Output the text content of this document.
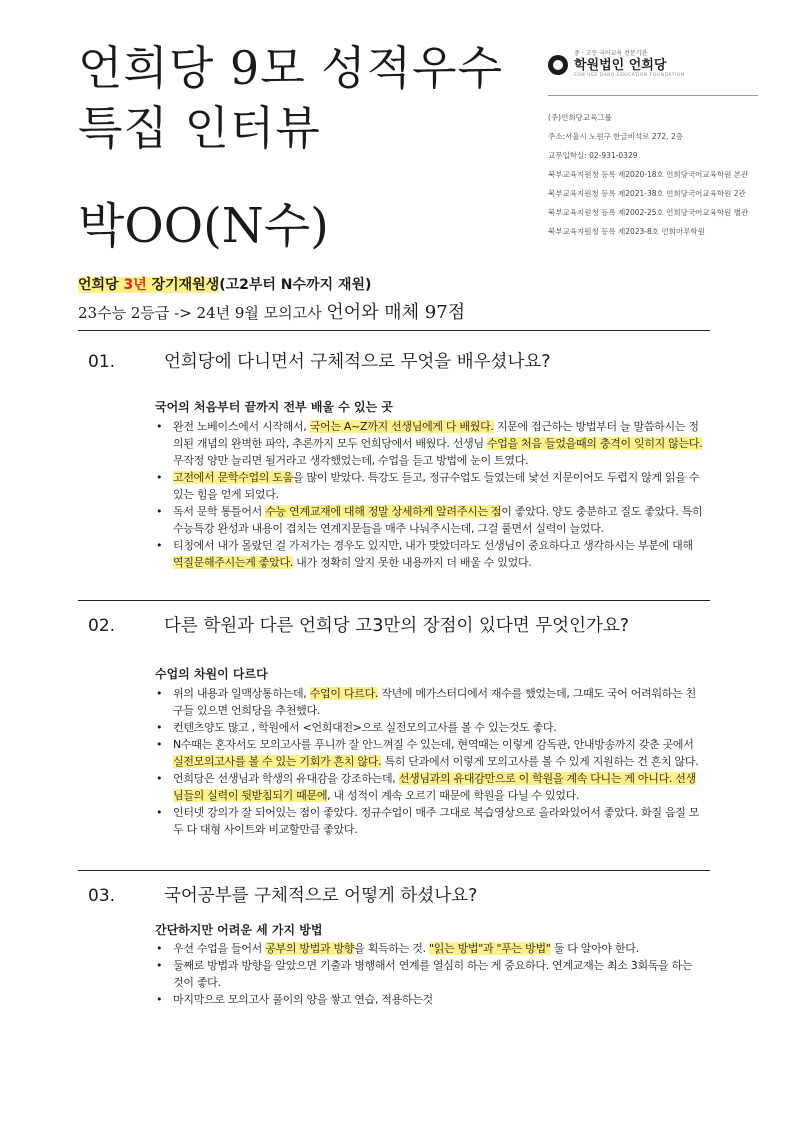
언희당 9모 성적우수
특집 인터뷰
박OO(N수)
중 · 고등 국어교육 전문기관
학원법인 언희당
EON HEE DANG EDUCATION FOUNDATION
(주)언희당교육그룹
주소:서울시 노원구 한글비석로 272, 2층
교무입학실: 02-931-0329
북부교육지원청 등록 제2020-18호 언희당국어교육학원 본관
북부교육지원청 등록 제2021-38호 언희당국어교육학원 2관
북부교육지원청 등록 제2002-25호 언희당국어교육학원 별관
북부교육지원청 등록 제2023-8호 언희마루학원
언희당 3년 장기재원생(고2부터 N수까지 재원)
23수능 2등급 -> 24년 9월 모의고사 언어와 매체 97점
01.	언희당에 다니면서 구체적으로 무엇을 배우셨나요?
국어의 처음부터 끝까지 전부 배울 수 있는 곳
• 완전 노베이스에서 시작해서, 국어는 A~Z까지 선생님에게 다 배웠다. 지문에 접근하는 방법부터 늘 말씀하시는 정의된 개념의 완벽한 파악, 추론까지 모두 언희당에서 배웠다. 선생님 수업을 처음 들었을때의 충격이 잊히지 않는다. 무작정 양만 늘리면 될거라고 생각했었는데, 수업을 듣고 방법에 눈이 트였다.
• 고전에서 문학수업의 도움을 많이 받았다. 특강도 듣고, 정규수업도 들었는데 낯선 지문이어도 두렵지 않게 읽을 수 있는 힘을 얻게 되었다.
• 독서 문학 통틀어서 수능 연계교재에 대해 정말 상세하게 알려주시는 점이 좋았다. 양도 충분하고 질도 좋았다. 특히 수능특강 완성과 내용이 겹치는 연계지문들을 매주 나눠주시는데, 그걸 풀면서 실력이 늘었다.
• 티칭에서 내가 몰랐던 걸 가져가는 경우도 있지만, 내가 맞았더라도 선생님이 중요하다고 생각하시는 부분에 대해 역질문해주시는게 좋았다. 내가 정확히 알지 못한 내용까지 더 배울 수 있었다.
02.	다른 학원과 다른 언희당 고3만의 장점이 있다면 무엇인가요?
수업의 차원이 다르다
• 위의 내용과 일맥상통하는데, 수업이 다르다. 작년에 메가스터디에서 재수를 했었는데, 그때도 국어 어려워하는 친구들 있으면 언희당을 추천했다.
• 컨텐츠양도 많고 , 학원에서 <언희대전>으로 실전모의고사를 볼 수 있는것도 좋다.
• N수때는 혼자서도 모의고사를 푸니까 잘 안느껴질 수 있는데, 현역때는 이렇게 감독관, 안내방송까지 갖춘 곳에서 실전모의고사를 볼 수 있는 기회가 흔치 않다. 특히 단과에서 이렇게 모의고사를 볼 수 있게 지원하는 건 흔치 않다.
• 언희당은 선생님과 학생의 유대감을 강조하는데, 선생님과의 유대감만으로 이 학원을 계속 다니는 게 아니다. 선생님들의 실력이 뒷받침되기 때문에, 내 성적이 계속 오르기 때문에 학원을 다닐 수 있었다.
• 인터넷 강의가 잘 되어있는 점이 좋았다. 정규수업이 매주 그대로 복습영상으로 올라와있어서 좋았다. 화질 음질 모두 다 대형 사이트와 비교할만큼 좋았다.
03.	국어공부를 구체적으로 어떻게 하셨나요?
간단하지만 어려운 세 가지 방법
• 우선 수업을 들어서 공부의 방법과 방향을 획득하는 것. "읽는 방법"과 "푸는 방법" 둘 다 알아야 한다.
• 둘째로 방법과 방향을 알았으면 기출과 병행해서 연계를 열심히 하는 게 중요하다. 연계교재는 최소 3회독을 하는 것이 좋다.
• 마지막으로 모의고사 풀이의 양을 쌓고 연습, 적용하는것
